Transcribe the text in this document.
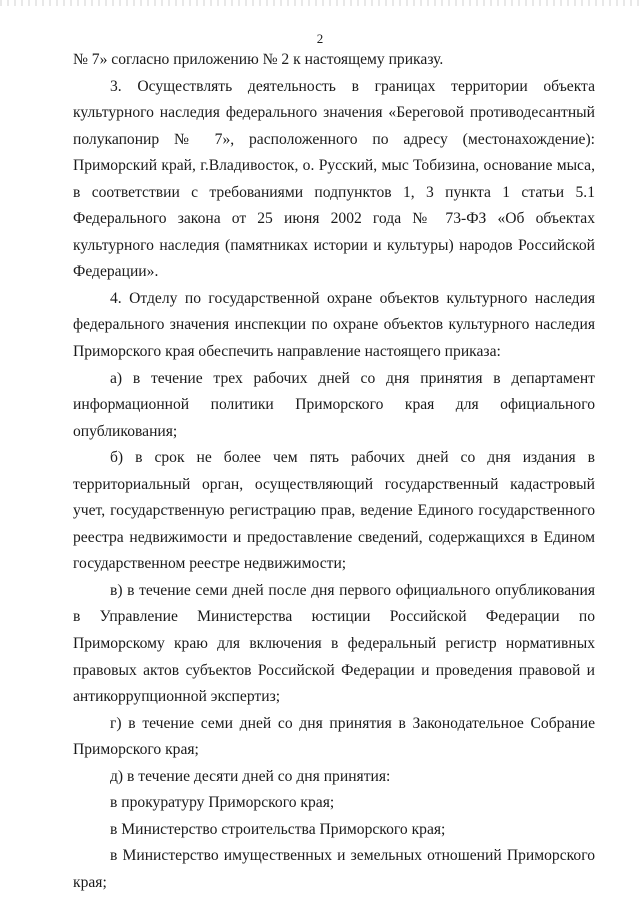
2

№ 7» согласно приложению № 2 к настоящему приказу.

3. Осуществлять деятельность в границах территории объекта культурного наследия федерального значения «Береговой противодесантный полукапонир № 7», расположенного по адресу (местонахождение): Приморский край, г.Владивосток, о. Русский, мыс Тобизина, основание мыса, в соответствии с требованиями подпунктов 1, 3 пункта 1 статьи 5.1 Федерального закона от 25 июня 2002 года № 73-ФЗ «Об объектах культурного наследия (памятниках истории и культуры) народов Российской Федерации».

4. Отделу по государственной охране объектов культурного наследия федерального значения инспекции по охране объектов культурного наследия Приморского края обеспечить направление настоящего приказа:

а) в течение трех рабочих дней со дня принятия в департамент информационной политики Приморского края для официального опубликования;

б) в срок не более чем пять рабочих дней со дня издания в территориальный орган, осуществляющий государственный кадастровый учет, государственную регистрацию прав, ведение Единого государственного реестра недвижимости и предоставление сведений, содержащихся в Едином государственном реестре недвижимости;

в) в течение семи дней после дня первого официального опубликования в Управление Министерства юстиции Российской Федерации по Приморскому краю для включения в федеральный регистр нормативных правовых актов субъектов Российской Федерации и проведения правовой и антикоррупционной экспертиз;

г) в течение семи дней со дня принятия в Законодательное Собрание Приморского края;

д) в течение десяти дней со дня принятия:

в прокуратуру Приморского края;

в Министерство строительства Приморского края;

в Министерство имущественных и земельных отношений Приморского края;
